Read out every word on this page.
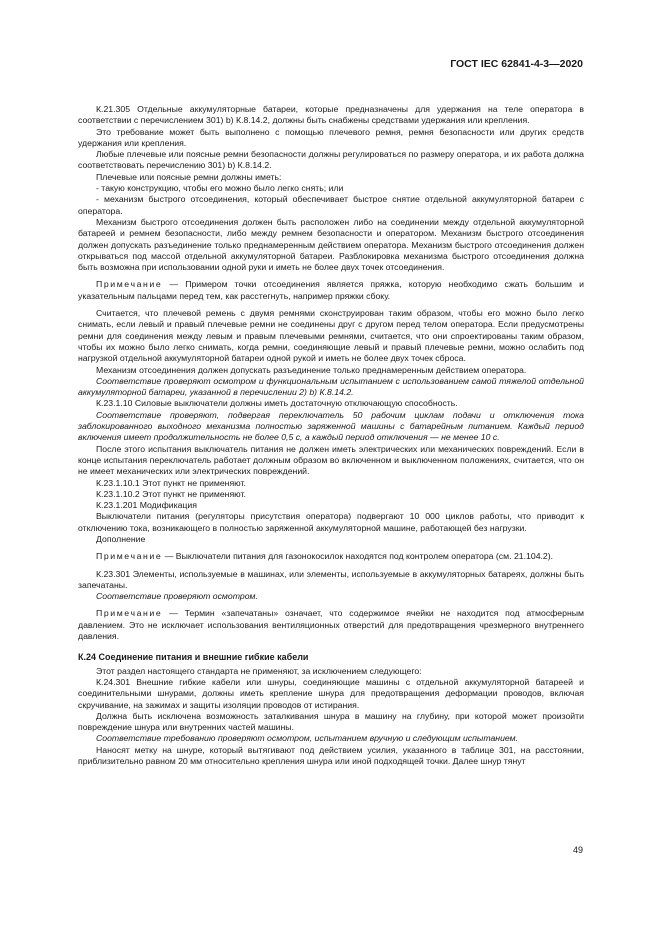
ГОСТ IEC 62841-4-3—2020

К.21.305 Отдельные аккумуляторные батареи, которые предназначены для удержания на теле оператора в соответствии с перечислением 301) b) К.8.14.2, должны быть снабжены средствами удержания или крепления.

Это требование может быть выполнено с помощью плечевого ремня, ремня безопасности или других средств удержания или крепления.

Любые плечевые или поясные ремни безопасности должны регулироваться по размеру оператора, и их работа должна соответствовать перечислению 301) b) К.8.14.2.

Плечевые или поясные ремни должны иметь:

- такую конструкцию, чтобы его можно было легко снять; или

- механизм быстрого отсоединения, который обеспечивает быстрое снятие отдельной аккумуляторной батареи с оператора.

Механизм быстрого отсоединения должен быть расположен либо на соединении между отдельной аккумуляторной батареей и ремнем безопасности, либо между ремнем безопасности и оператором. Механизм быстрого отсоединения должен допускать разъединение только преднамеренным действием оператора. Механизм быстрого отсоединения должен открываться под массой отдельной аккумуляторной батареи. Разблокировка механизма быстрого отсоединения должна быть возможна при использовании одной руки и иметь не более двух точек отсоединения.

Примечание — Примером точки отсоединения является пряжка, которую необходимо сжать большим и указательным пальцами перед тем, как расстегнуть, например пряжки сбоку.

Считается, что плечевой ремень с двумя ремнями сконструирован таким образом, чтобы его можно было легко снимать, если левый и правый плечевые ремни не соединены друг с другом перед телом оператора. Если предусмотрены ремни для соединения между левым и правым плечевыми ремнями, считается, что они спроектированы таким образом, чтобы их можно было легко снимать, когда ремни, соединяющие левый и правый плечевые ремни, можно ослабить под нагрузкой отдельной аккумуляторной батареи одной рукой и иметь не более двух точек сброса.

Механизм отсоединения должен допускать разъединение только преднамеренным действием оператора.

Соответствие проверяют осмотром и функциональным испытанием с использованием самой тяжелой отдельной аккумуляторной батареи, указанной в перечислении 2) b) К.8.14.2.

К.23.1.10 Силовые выключатели должны иметь достаточную отключающую способность.

Соответствие проверяют, подвергая переключатель 50 рабочим циклам подачи и отключения тока заблокированного выходного механизма полностью заряженной машины с батарейным питанием. Каждый период включения имеет продолжительность не более 0,5 с, а каждый период отключения — не менее 10 с.

После этого испытания выключатель питания не должен иметь электрических или механических повреждений. Если в конце испытания переключатель работает должным образом во включенном и выключенном положениях, считается, что он не имеет механических или электрических повреждений.

К.23.1.10.1 Этот пункт не применяют.

К.23.1.10.2 Этот пункт не применяют.

К.23.1.201 Модификация

Выключатели питания (регуляторы присутствия оператора) подвергают 10 000 циклов работы, что приводит к отключению тока, возникающего в полностью заряженной аккумуляторной машине, работающей без нагрузки.

Дополнение

Примечание — Выключатели питания для газонокосилок находятся под контролем оператора (см. 21.104.2).

К.23.301 Элементы, используемые в машинах, или элементы, используемые в аккумуляторных батареях, должны быть запечатаны.

Соответствие проверяют осмотром.

Примечание — Термин «запечатаны» означает, что содержимое ячейки не находится под атмосферным давлением. Это не исключает использования вентиляционных отверстий для предотвращения чрезмерного внутреннего давления.

К.24 Соединение питания и внешние гибкие кабели

Этот раздел настоящего стандарта не применяют, за исключением следующего:

К.24.301 Внешние гибкие кабели или шнуры, соединяющие машины с отдельной аккумуляторной батареей и соединительными шнурами, должны иметь крепление шнура для предотвращения деформации проводов, включая скручивание, на зажимах и защиты изоляции проводов от истирания.

Должна быть исключена возможность заталкивания шнура в машину на глубину, при которой может произойти повреждение шнура или внутренних частей машины.

Соответствие требованию проверяют осмотром, испытанием вручную и следующим испытанием.

Наносят метку на шнуре, который вытягивают под действием усилия, указанного в таблице 301, на расстоянии, приблизительно равном 20 мм относительно крепления шнура или иной подходящей точки. Далее шнур тянут

49
